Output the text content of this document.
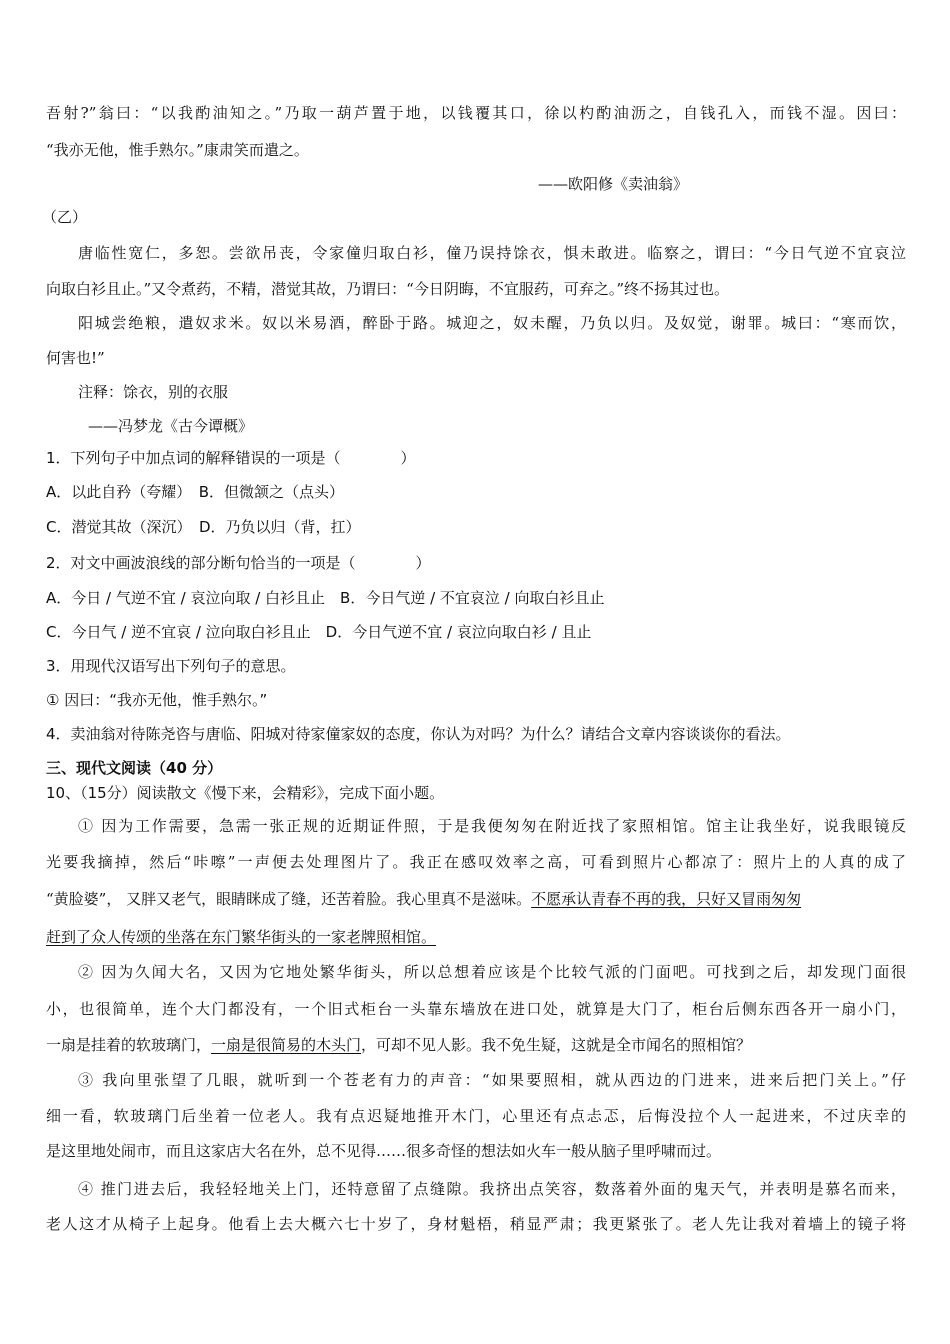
吾射?”翁曰：“以我酌油知之。”乃取一葫芦置于地，以钱覆其口，徐以杓酌油沥之，自钱孔入，而钱不湿。因曰：
“我亦无他，惟手熟尔。”康肃笑而遣之。
——欧阳修《卖油翁》
（乙）
唐临性宽仁，多恕。尝欲吊丧，令家僮归取白衫，僮乃误持馀衣，惧未敢进。临察之，谓曰：“今日气逆不宜哀泣
向取白衫且止。”又令煮药，不精，潜觉其故，乃谓曰：“今日阴晦，不宜服药，可弃之。”终不扬其过也。
阳城尝绝粮，遣奴求米。奴以米易酒，醉卧于路。城迎之，奴未醒，乃负以归。及奴觉，谢罪。城曰：“寒而饮，
何害也!”
注释：馀衣，别的衣服
——冯梦龙《古今谭概》
1．下列句子中加点词的解释错误的一项是（　　　　）
A．以此自矜（夸耀）　B．但微颔之（点头）
C．潜觉其故（深沉）　D．乃负以归（背，扛）
2．对文中画波浪线的部分断句恰当的一项是（　　　　）
A．今日 / 气逆不宜 / 哀泣向取 / 白衫且止　B．今日气逆 / 不宜哀泣 / 向取白衫且止
C．今日气 / 逆不宜哀 / 泣向取白衫且止　D．今日气逆不宜 / 哀泣向取白衫 / 且止
3．用现代汉语写出下列句子的意思。
① 因曰：“我亦无他，惟手熟尔。”
4．卖油翁对待陈尧咨与唐临、阳城对待家僮家奴的态度，你认为对吗？为什么？请结合文章内容谈谈你的看法。
三、现代文阅读（40 分）
10、（15分）阅读散文《慢下来，会精彩》，完成下面小题。
① 因为工作需要，急需一张正规的近期证件照，于是我便匆匆在附近找了家照相馆。馆主让我坐好，说我眼镜反
光要我摘掉，然后“咔嚓”一声便去处理图片了。我正在感叹效率之高，可看到照片心都凉了：照片上的人真的成了
“黄脸婆”， 又胖又老气，眼睛眯成了缝，还苦着脸。我心里真不是滋味。不愿承认青春不再的我，只好又冒雨匆匆
赶到了众人传颂的坐落在东门繁华街头的一家老牌照相馆。
② 因为久闻大名，又因为它地处繁华街头，所以总想着应该是个比较气派的门面吧。可找到之后，却发现门面很
小，也很简单，连个大门都没有，一个旧式柜台一头靠东墙放在进口处，就算是大门了，柜台后侧东西各开一扇小门，
一扇是挂着的软玻璃门，一扇是很简易的木头门，可却不见人影。我不免生疑，这就是全市闻名的照相馆？
③ 我向里张望了几眼，就听到一个苍老有力的声音：“如果要照相，就从西边的门进来，进来后把门关上。”仔
细一看，软玻璃门后坐着一位老人。我有点迟疑地推开木门，心里还有点忐忑，后悔没拉个人一起进来，不过庆幸的
是这里地处闹市，而且这家店大名在外，总不见得……很多奇怪的想法如火车一般从脑子里呼啸而过。
④ 推门进去后，我轻轻地关上门，还特意留了点缝隙。我挤出点笑容，数落着外面的鬼天气，并表明是慕名而来，
老人这才从椅子上起身。他看上去大概六七十岁了，身材魁梧，稍显严肃；我更紧张了。老人先让我对着墙上的镜子将
